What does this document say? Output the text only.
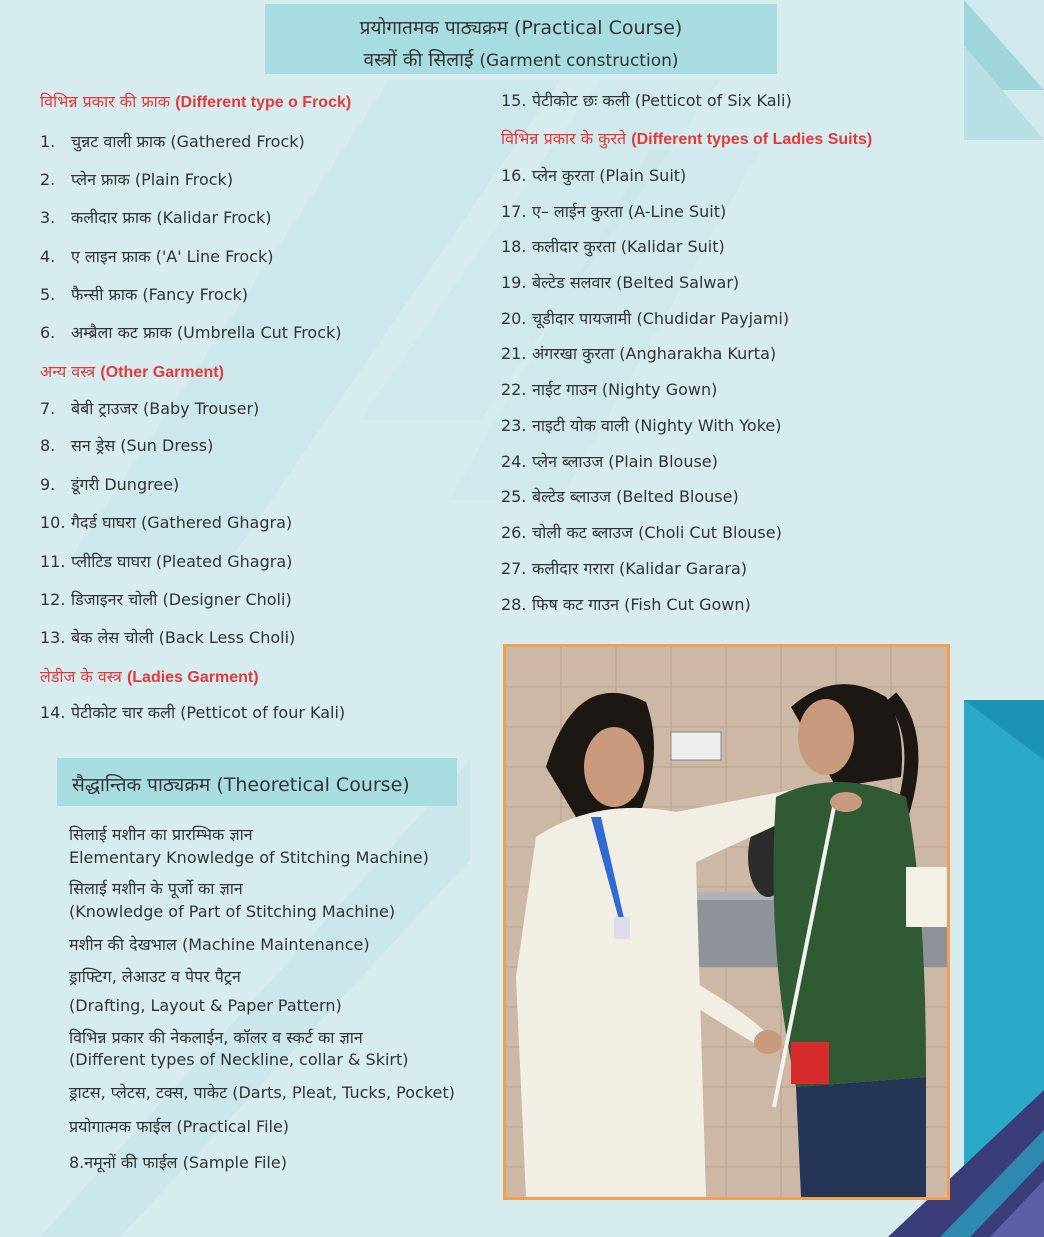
प्रयोगातमक पाठ्यक्रम (Practical Course)
वस्त्रों की सिलाई (Garment construction)
विभिन्न प्रकार की फ्राक (Different type o Frock)
1. चुन्नट वाली फ्राक (Gathered Frock)
2. प्लेन फ्राक (Plain Frock)
3. कलीदार फ्राक (Kalidar Frock)
4. ए लाइन फ्राक ('A' Line Frock)
5. फैन्सी फ्राक (Fancy Frock)
6. अम्ब्रैला कट फ्राक (Umbrella Cut Frock)
अन्य वस्त्र (Other Garment)
7. बेबी ट्राउजर (Baby Trouser)
8. सन ड्रेस (Sun Dress)
9. डूंगरी Dungree)
10. गैदर्ड घाघरा (Gathered Ghagra)
11. प्लीटिड घाघरा (Pleated Ghagra)
12. डिजाइनर चोली (Designer Choli)
13. बेक लेस चोली (Back Less Choli)
लेडीज के वस्त्र (Ladies Garment)
14. पेटीकोट चार कली (Petticot of four Kali)
15. पेटीकोट छः कली (Petticot of Six Kali)
विभिन्न प्रकार के कुरते (Different types of Ladies Suits)
16. प्लेन कुरता (Plain Suit)
17. ए– लाईन कुरता (A-Line Suit)
18. कलीदार कुरता (Kalidar Suit)
19. बेल्टेड सलवार (Belted Salwar)
20. चूडीदार पायजामी (Chudidar Payjami)
21. अंगरखा कुरता (Angharakha Kurta)
22. नाईट गाउन (Nighty Gown)
23. नाइटी योक वाली (Nighty With Yoke)
24. प्लेन ब्लाउज (Plain Blouse)
25. बेल्टेड ब्लाउज (Belted Blouse)
26. चोली कट ब्लाउज (Choli Cut Blouse)
27. कलीदार गरारा (Kalidar Garara)
28. फिष कट गाउन (Fish Cut Gown)
सैद्धान्तिक पाठ्यक्रम (Theoretical Course)
सिलाई मशीन का प्रारम्भिक ज्ञान
Elementary Knowledge of Stitching Machine)
सिलाई मशीन के पूर्जो का ज्ञान
(Knowledge of Part of Stitching Machine)
मशीन की देखभाल (Machine Maintenance)
ड्राफ्टिग, लेआउट व पेपर पैट्रन
(Drafting, Layout & Paper Pattern)
विभिन्न प्रकार की नेकलाईन, कॉलर व स्कर्ट का ज्ञान
(Different types of Neckline, collar & Skirt)
ड्राटस, प्लेटस, टक्स, पाकेट (Darts, Pleat, Tucks, Pocket)
प्रयोगात्मक फाईल (Practical File)
8.नमूनों की फाईल (Sample File)
